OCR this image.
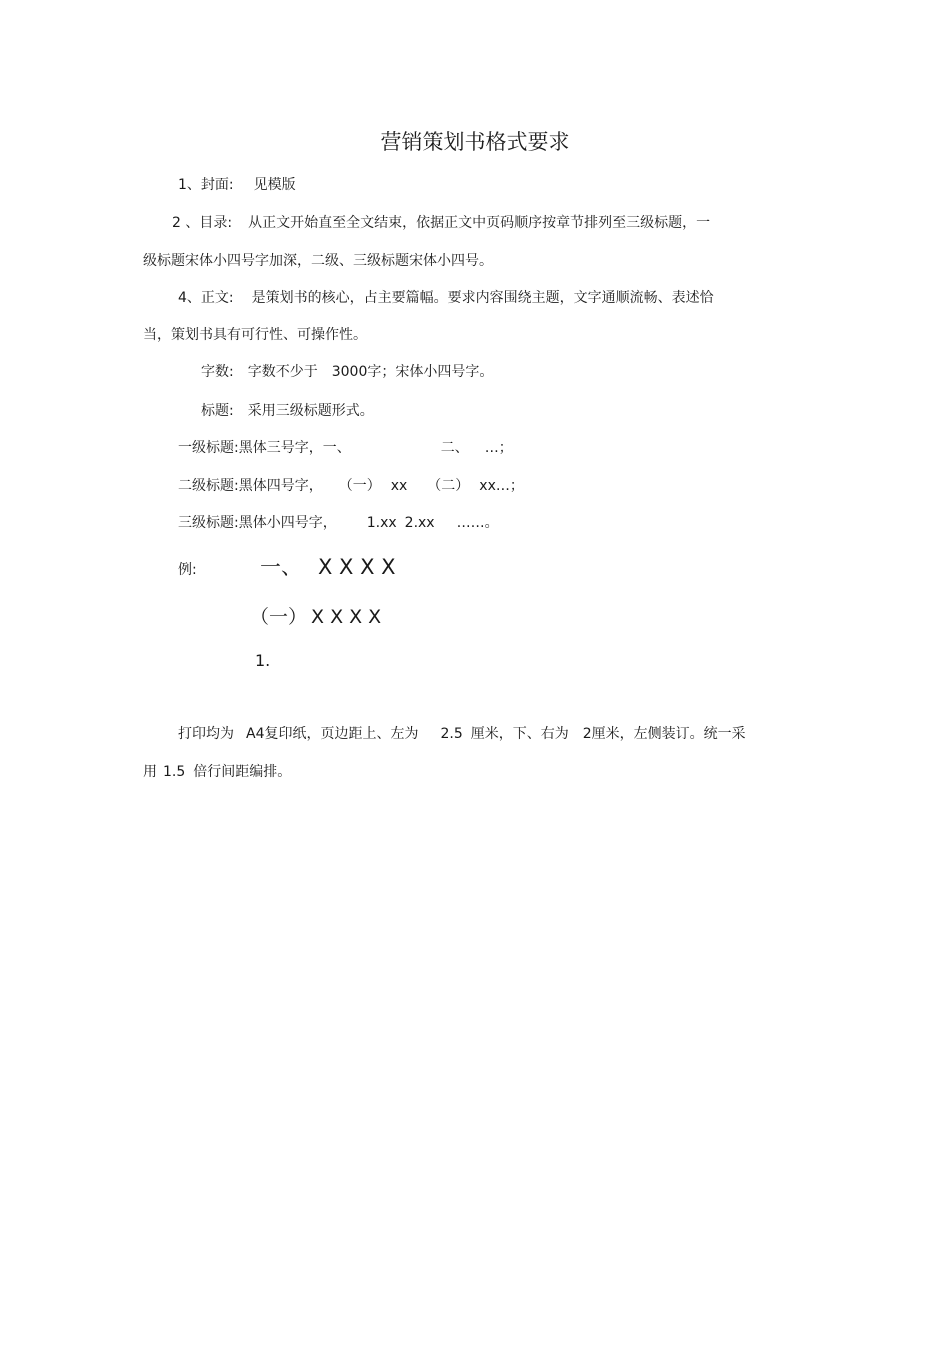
营销策划书格式要求
1、封面: 见模版
2 、目录: 从正文开始直至全文结束，依据正文中页码顺序按章节排列至三级标题，一
级标题宋体小四号字加深，二级、三级标题宋体小四号。
4、正文: 是策划书的核心，占主要篇幅。要求内容围绕主题，文字通顺流畅、表述恰
当，策划书具有可行性、可操作性。
字数: 字数不少于 3000字；宋体小四号字。
标题: 采用三级标题形式。
一级标题:黑体三号字，一、	二、 …；
二级标题:黑体四号字， （一） xx （二） xx…；
三级标题:黑体小四号字， 1.xx 2.xx ……。
例:	一、 X X X X
（一） X X X X
1.
打印均为 A4复印纸，页边距上、左为 2.5 厘米，下、右为 2厘米，左侧装订。统一采
用 1.5 倍行间距编排。
